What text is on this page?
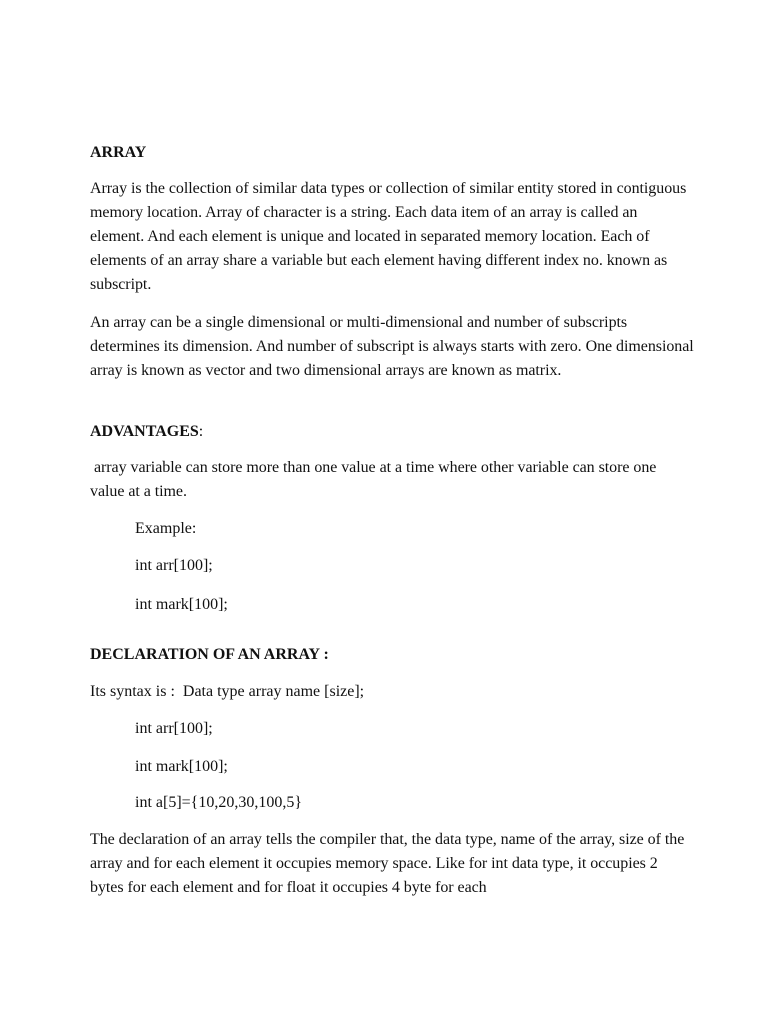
ARRAY

Array is the collection of similar data types or collection of similar entity stored in contiguous memory location. Array of character is a string. Each data item of an array is called an element. And each element is unique and located in separated memory location. Each of elements of an array share a variable but each element having different index no. known as subscript.

An array can be a single dimensional or multi-dimensional and number of subscripts determines its dimension. And number of subscript is always starts with zero. One dimensional array is known as vector and two dimensional arrays are known as matrix.

ADVANTAGES:

array variable can store more than one value at a time where other variable can store one value at a time.

Example:

int arr[100];

int mark[100];

DECLARATION OF AN ARRAY :

Its syntax is :  Data type array name [size];

int arr[100];

int mark[100];

int a[5]={10,20,30,100,5}

The declaration of an array tells the compiler that, the data type, name of the array, size of the array and for each element it occupies memory space. Like for int data type, it occupies 2 bytes for each element and for float it occupies 4 byte for each
